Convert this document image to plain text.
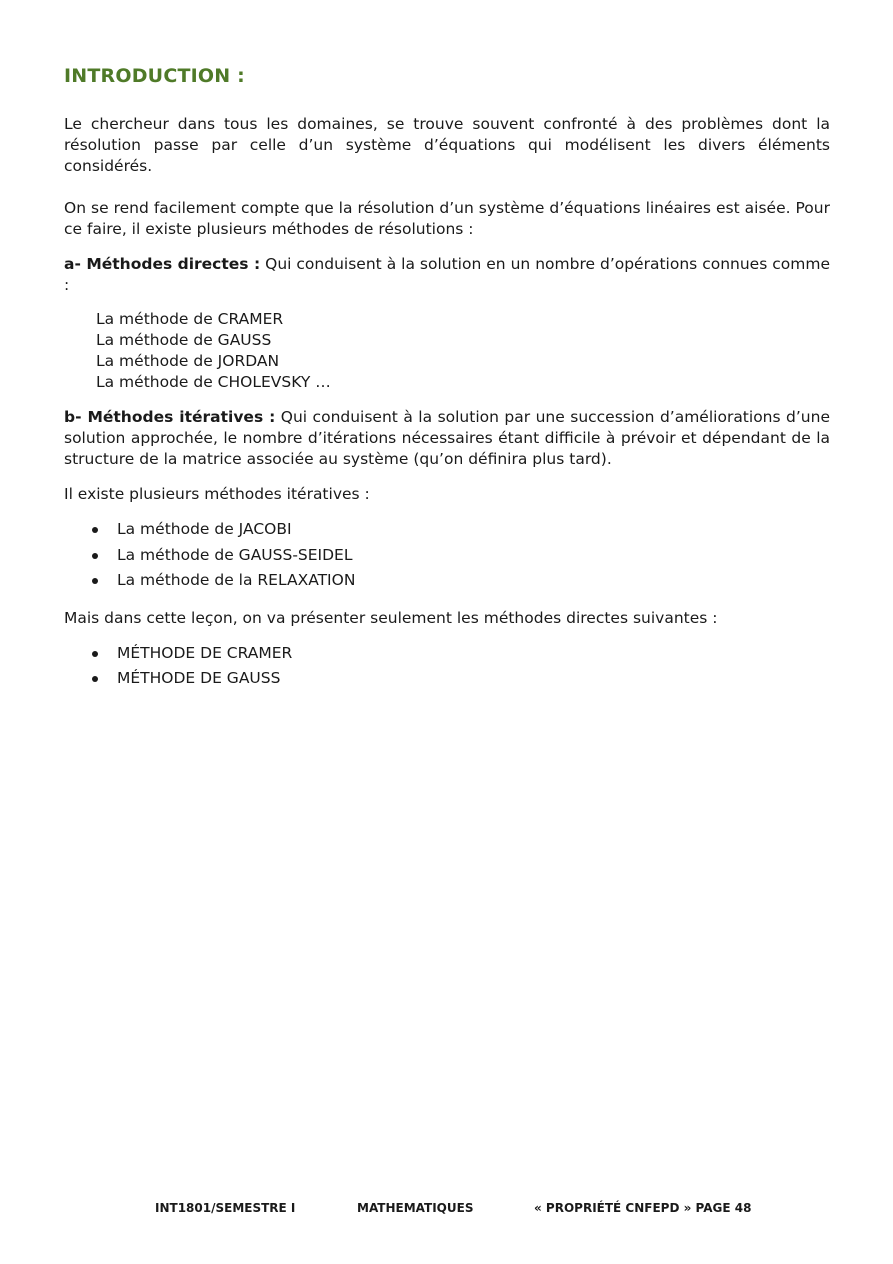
INTRODUCTION :

Le chercheur dans tous les domaines, se trouve souvent confronté à des problèmes dont la résolution passe par celle d’un système d’équations qui modélisent les divers éléments considérés.

On se rend facilement compte que la résolution d’un système d’équations linéaires est aisée. Pour ce faire, il existe plusieurs méthodes de résolutions :

a- Méthodes directes : Qui conduisent à la solution en un nombre d’opérations connues comme :

La méthode de CRAMER
La méthode de GAUSS
La méthode de JORDAN
La méthode de CHOLEVSKY …

b- Méthodes itératives : Qui conduisent à la solution par une succession d’améliorations d’une solution approchée, le nombre d’itérations nécessaires étant difficile à prévoir et dépendant de la structure de la matrice associée au système (qu’on définira plus tard).

Il existe plusieurs méthodes itératives :

La méthode de JACOBI
La méthode de GAUSS-SEIDEL
La méthode de la RELAXATION

Mais dans cette leçon, on va présenter seulement les méthodes directes suivantes :

MÉTHODE DE CRAMER
MÉTHODE DE GAUSS
INT1801/SEMESTRE I	MATHEMATIQUES	« PROPRIÉTÉ CNFEPD » PAGE 48
